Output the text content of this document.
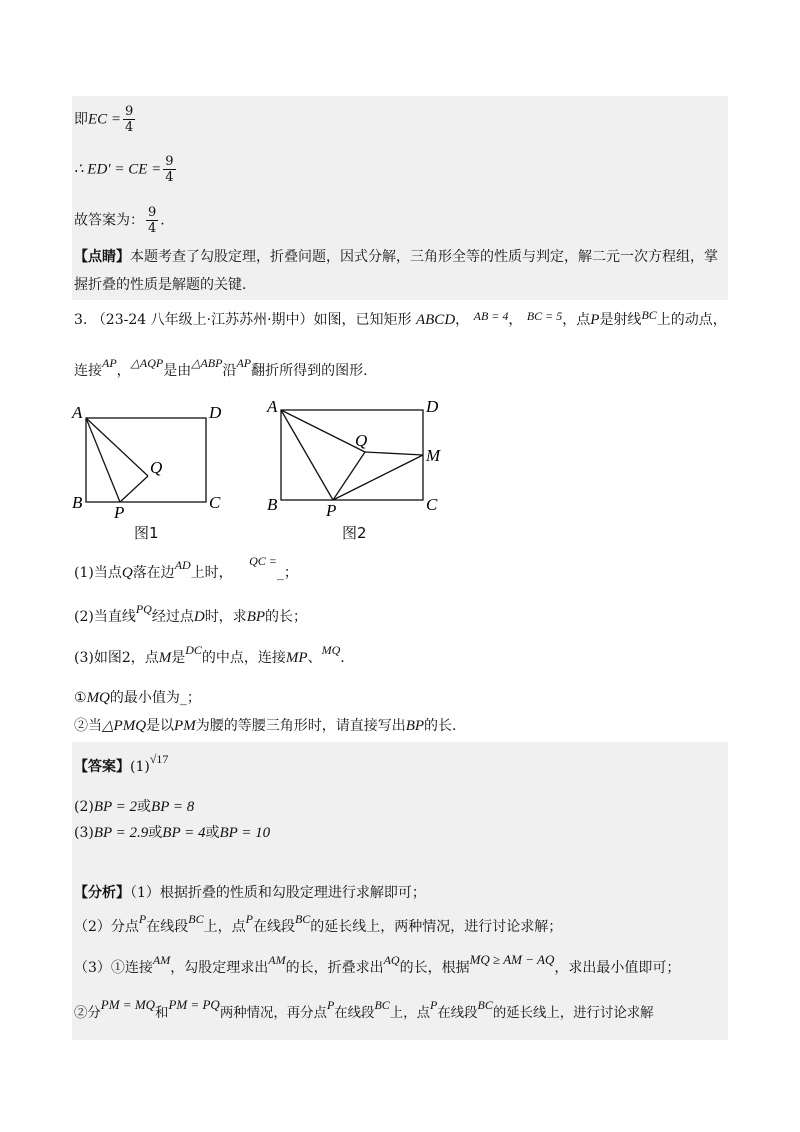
即EC = $\frac{9}{4}$
∴ ED′ = CE = $\frac{9}{4}$
故答案为： $\frac{9}{4}$ .
【点睛】本题考查了勾股定理，折叠问题，因式分解，三角形全等的性质与判定，解二元一次方程组，掌
握折叠的性质是解题的关键.
3. （23-24 八年级上·江苏苏州·期中）如图，已知矩形 ABCD， AB = 4， BC = 5，点P是射线BC上的动点，
连接AP，△AQP是由△ABP沿AP翻折所得到的图形.
A	D
B	C
P
Q
图1
A	D
B	C
P
Q
M
图2
(1)当点Q落在边AD上时， QC =_；
(2)当直线PQ经过点D时，求BP的长；
(3)如图2，点M是DC的中点，连接MP、MQ.
①MQ的最小值为_；
②当△PMQ是以PM为腰的等腰三角形时，请直接写出BP的长.
【答案】(1)√17
(2)BP = 2或BP = 8
(3)BP = 2.9或BP = 4或BP = 10
【分析】（1）根据折叠的性质和勾股定理进行求解即可；
（2）分点P在线段BC上，点P在线段BC的延长线上，两种情况，进行讨论求解；
（3）①连接AM，勾股定理求出AM的长，折叠求出AQ的长，根据MQ ≥ AM − AQ，求出最小值即可；
②分PM = MQ和PM = PQ两种情况，再分点P在线段BC上，点P在线段BC的延长线上，进行讨论求解
